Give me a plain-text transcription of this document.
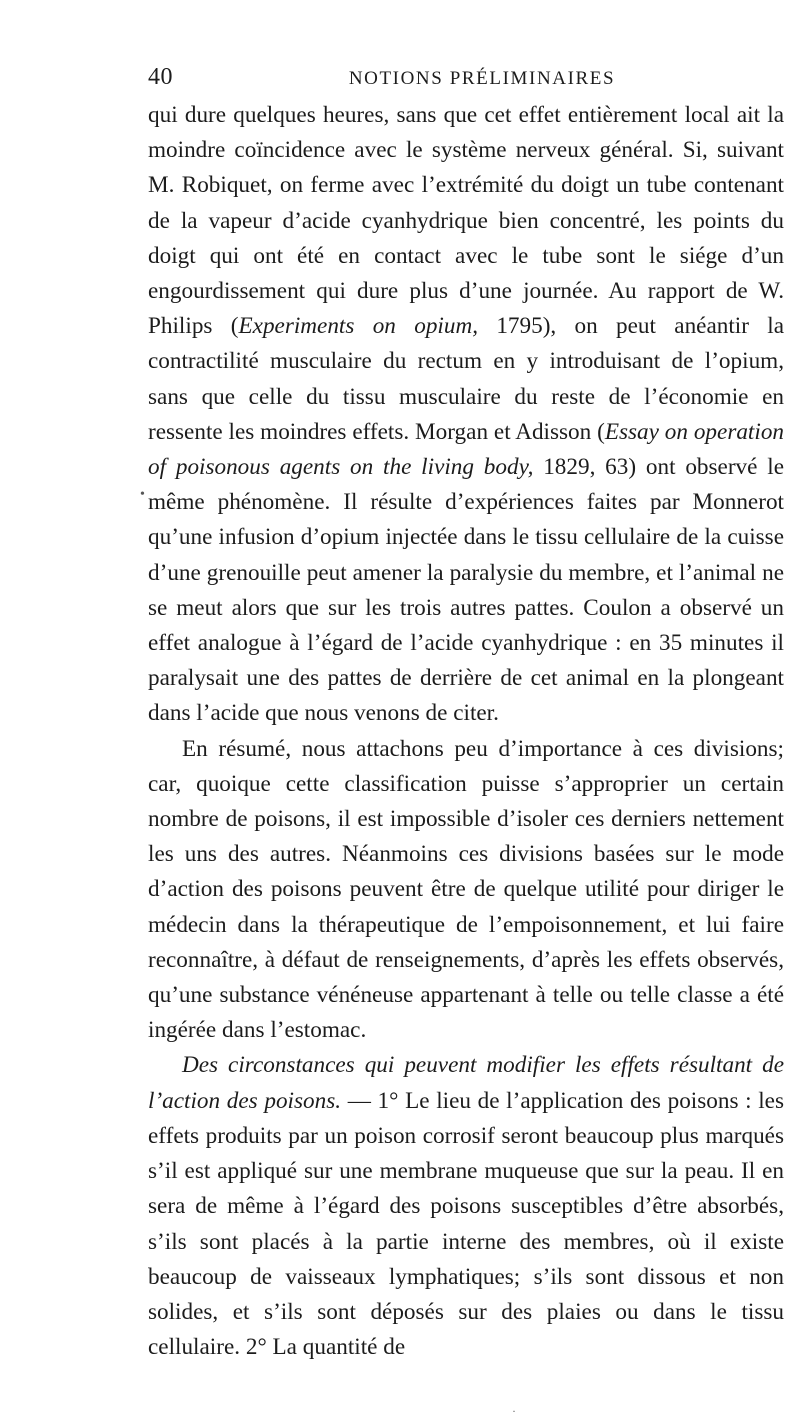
40	NOTIONS PRÉLIMINAIRES

qui dure quelques heures, sans que cet effet entièrement local ait la moindre coïncidence avec le système nerveux général. Si, suivant M. Robiquet, on ferme avec l’extrémité du doigt un tube contenant de la vapeur d’acide cyanhydrique bien concentré, les points du doigt qui ont été en contact avec le tube sont le siége d’un engourdissement qui dure plus d’une journée. Au rapport de W. Philips (Experiments on opium, 1795), on peut anéantir la contractilité musculaire du rectum en y introduisant de l’opium, sans que celle du tissu musculaire du reste de l’économie en ressente les moindres effets. Morgan et Adisson (Essay on operation of poisonous agents on the living body, 1829, 63) ont observé le même phénomène. Il résulte d’expériences faites par Monnerot qu’une infusion d’opium injectée dans le tissu cellulaire de la cuisse d’une grenouille peut amener la paralysie du membre, et l’animal ne se meut alors que sur les trois autres pattes. Coulon a observé un effet analogue à l’égard de l’acide cyanhydrique : en 35 minutes il paralysait une des pattes de derrière de cet animal en la plongeant dans l’acide que nous venons de citer.

En résumé, nous attachons peu d’importance à ces divisions; car, quoique cette classification puisse s’approprier un certain nombre de poisons, il est impossible d’isoler ces derniers nettement les uns des autres. Néanmoins ces divisions basées sur le mode d’action des poisons peuvent être de quelque utilité pour diriger le médecin dans la thérapeutique de l’empoisonnement, et lui faire reconnaître, à défaut de renseignements, d’après les effets observés, qu’une substance vénéneuse appartenant à telle ou telle classe a été ingérée dans l’estomac.

Des circonstances qui peuvent modifier les effets résultant de l’action des poisons. — 1° Le lieu de l’application des poisons : les effets produits par un poison corrosif seront beaucoup plus marqués s’il est appliqué sur une membrane muqueuse que sur la peau. Il en sera de même à l’égard des poisons susceptibles d’être absorbés, s’ils sont placés à la partie interne des membres, où il existe beaucoup de vaisseaux lymphatiques; s’ils sont dissous et non solides, et s’ils sont déposés sur des plaies ou dans le tissu cellulaire. 2° La quantité de

•
·
